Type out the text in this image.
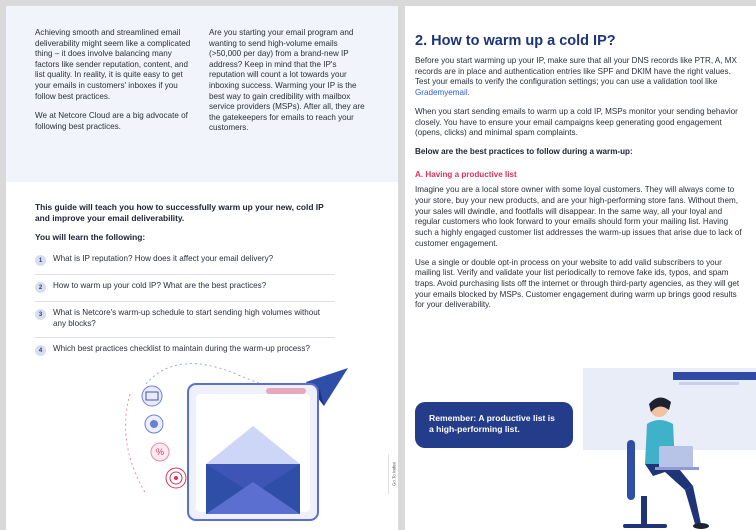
Achieving smooth and streamlined email deliverability might seem like a complicated thing – it does involve balancing many factors like sender reputation, content, and list quality. In reality, it is quite easy to get your emails in customers' inboxes if you follow best practices.

We at Netcore Cloud are a big advocate of following best practices.

Are you starting your email program and wanting to send high-volume emails (>50,000 per day) from a brand-new IP address? Keep in mind that the IP's reputation will count a lot towards your inboxing success. Warming your IP is the best way to gain credibility with mailbox service providers (MSPs). After all, they are the gatekeepers for emails to reach your customers.

This guide will teach you how to successfully warm up your new, cold IP and improve your email deliverability.
You will learn the following:
1	What is IP reputation? How does it affect your email delivery?
2	How to warm up your cold IP? What are the best practices?
3	What is Netcore's warm-up schedule to start sending high volumes without any blocks?
4	Which best practices checklist to maintain during the warm-up process?
%
Go To Index
2. How to warm up a cold IP?

Before you start warming up your IP, make sure that all your DNS records like PTR, A, MX records are in place and authentication entries like SPF and DKIM have the right values. Test your emails to verify the configuration settings; you can use a validation tool like Grademyemail.

When you start sending emails to warm up a cold IP, MSPs monitor your sending behavior closely. You have to ensure your email campaigns keep generating good engagement (opens, clicks) and minimal spam complaints.

Below are the best practices to follow during a warm-up:

A. Having a productive list

Imagine you are a local store owner with some loyal customers. They will always come to your store, buy your new products, and are your high-performing store fans. Without them, your sales will dwindle, and footfalls will disappear. In the same way, all your loyal and regular customers who look forward to your emails should form your mailing list. Having such a highly engaged customer list addresses the warm-up issues that arise due to lack of customer engagement.

Use a single or double opt-in process on your website to add valid subscribers to your mailing list. Verify and validate your list periodically to remove fake ids, typos, and spam traps. Avoid purchasing lists off the internet or through third-party agencies, as they will get your emails blocked by MSPs. Customer engagement during warm up brings good results for your deliverability.

Remember: A productive list is a high-performing list.
